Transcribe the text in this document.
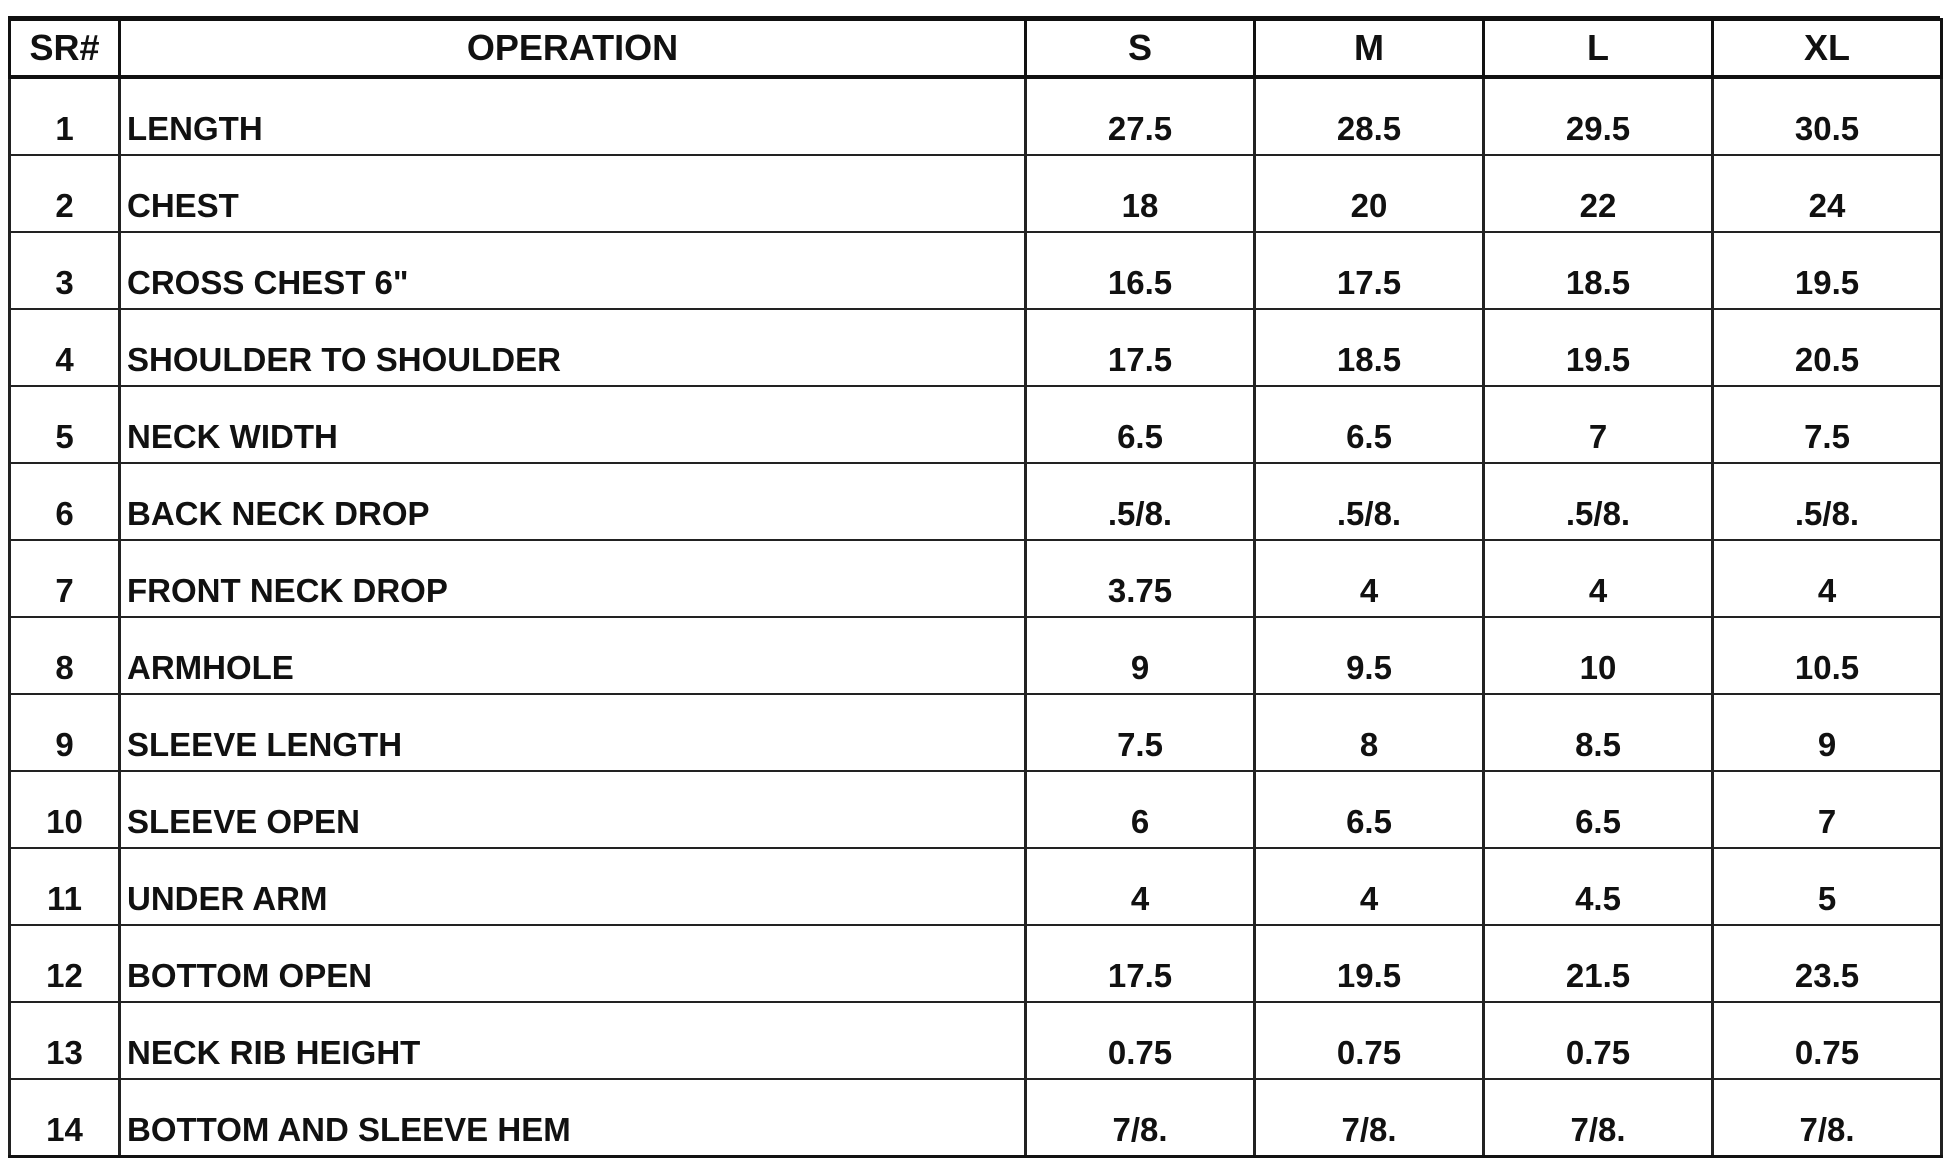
SR#	OPERATION	S	M	L	XL
1	LENGTH	27.5	28.5	29.5	30.5
2	CHEST	18	20	22	24
3	CROSS CHEST 6"	16.5	17.5	18.5	19.5
4	SHOULDER TO SHOULDER	17.5	18.5	19.5	20.5
5	NECK WIDTH	6.5	6.5	7	7.5
6	BACK NECK DROP	.5/8.	.5/8.	.5/8.	.5/8.
7	FRONT NECK DROP	3.75	4	4	4
8	ARMHOLE	9	9.5	10	10.5
9	SLEEVE LENGTH	7.5	8	8.5	9
10	SLEEVE OPEN	6	6.5	6.5	7
11	UNDER ARM	4	4	4.5	5
12	BOTTOM OPEN	17.5	19.5	21.5	23.5
13	NECK RIB HEIGHT	0.75	0.75	0.75	0.75
14	BOTTOM AND SLEEVE HEM	7/8.	7/8.	7/8.	7/8.
